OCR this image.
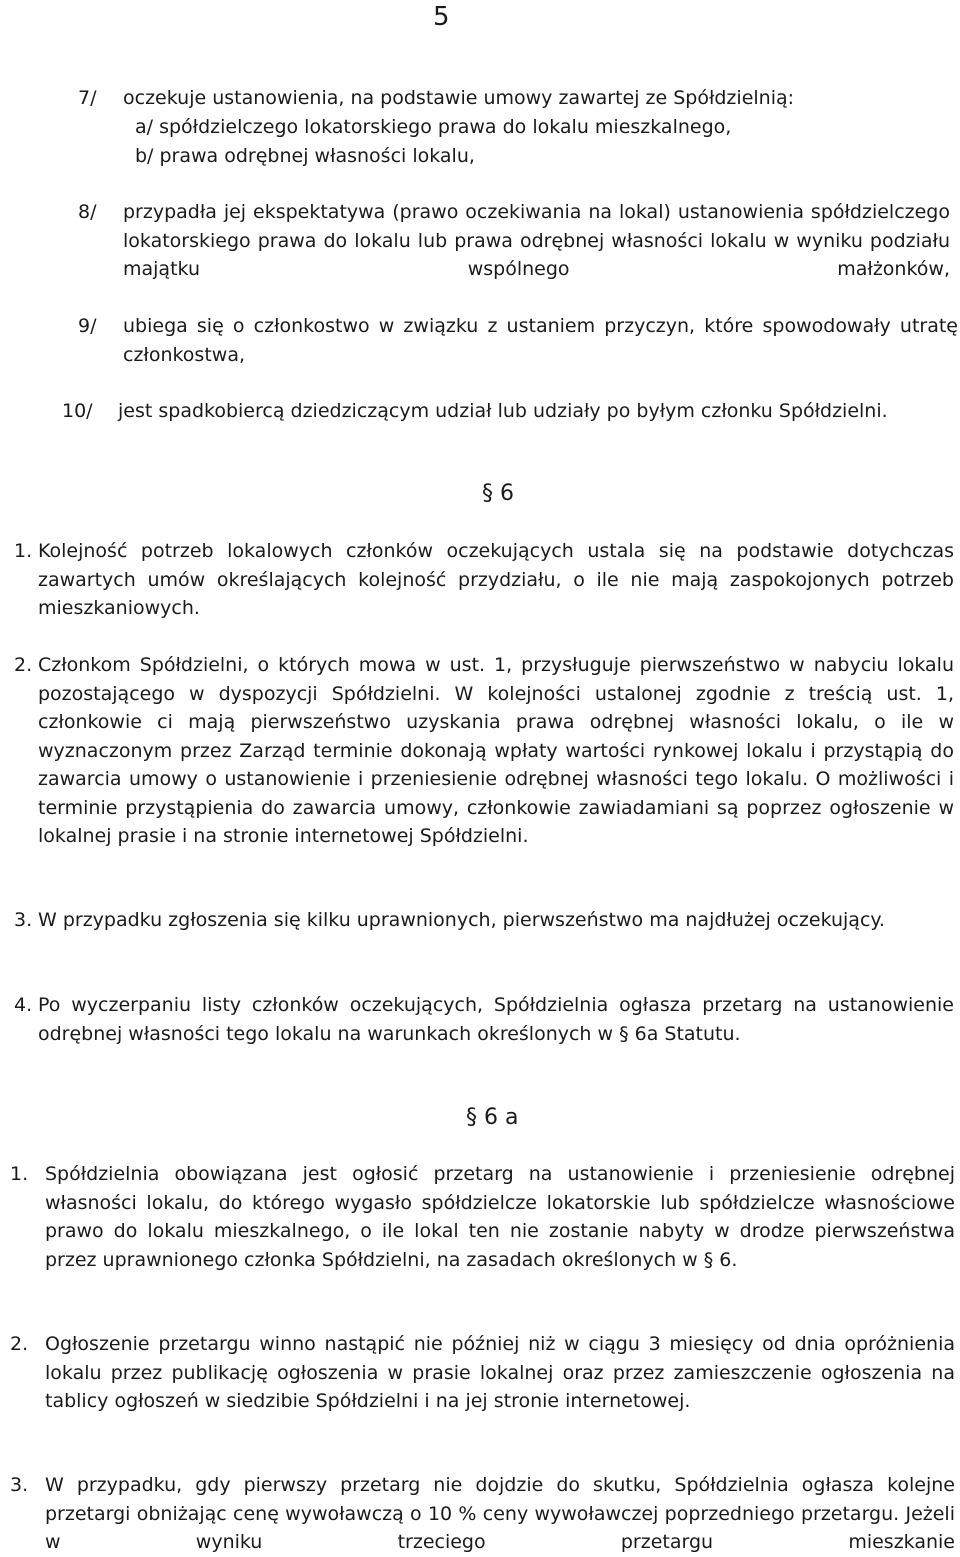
5
7/ oczekuje ustanowienia, na podstawie umowy zawartej ze Spółdzielnią:
a/ spółdzielczego lokatorskiego prawa do lokalu mieszkalnego,
b/ prawa odrębnej własności lokalu,
8/ przypadła jej ekspektatywa (prawo oczekiwania na lokal) ustanowienia spółdzielczego lokatorskiego prawa do lokalu lub prawa odrębnej własności lokalu w wyniku podziału majątku wspólnego małżonków,
9/ ubiega się o członkostwo w związku z ustaniem przyczyn, które spowodowały utratę członkostwa,
10/ jest spadkobiercą dziedziczącym udział lub udziały po byłym członku Spółdzielni.
§ 6
1. Kolejność potrzeb lokalowych członków oczekujących ustala się na podstawie dotychczas zawartych umów określających kolejność przydziału, o ile nie mają zaspokojonych potrzeb mieszkaniowych.
2. Członkom Spółdzielni, o których mowa w ust. 1, przysługuje pierwszeństwo w nabyciu lokalu pozostającego w dyspozycji Spółdzielni. W kolejności ustalonej zgodnie z treścią ust. 1, członkowie ci mają pierwszeństwo uzyskania prawa odrębnej własności lokalu, o ile w wyznaczonym przez Zarząd terminie dokonają wpłaty wartości rynkowej lokalu i przystąpią do zawarcia umowy o ustanowienie i przeniesienie odrębnej własności tego lokalu. O możliwości i terminie przystąpienia do zawarcia umowy, członkowie zawiadamiani są poprzez ogłoszenie w lokalnej prasie i na stronie internetowej Spółdzielni.
3. W przypadku zgłoszenia się kilku uprawnionych, pierwszeństwo ma najdłużej oczekujący.
4. Po wyczerpaniu listy członków oczekujących, Spółdzielnia ogłasza przetarg na ustanowienie odrębnej własności tego lokalu na warunkach określonych w § 6a Statutu.
§ 6 a
1. Spółdzielnia obowiązana jest ogłosić przetarg na ustanowienie i przeniesienie odrębnej własności lokalu, do którego wygasło spółdzielcze lokatorskie lub spółdzielcze własnościowe prawo do lokalu mieszkalnego, o ile lokal ten nie zostanie nabyty w drodze pierwszeństwa przez uprawnionego członka Spółdzielni, na zasadach określonych w § 6.
2. Ogłoszenie przetargu winno nastąpić nie później niż w ciągu 3 miesięcy od dnia opróżnienia lokalu przez publikację ogłoszenia w prasie lokalnej oraz przez zamieszczenie ogłoszenia na tablicy ogłoszeń w siedzibie Spółdzielni i na jej stronie internetowej.
3. W przypadku, gdy pierwszy przetarg nie dojdzie do skutku, Spółdzielnia ogłasza kolejne przetargi obniżając cenę wywoławczą o 10 % ceny wywoławczej poprzedniego przetargu. Jeżeli w wyniku trzeciego przetargu mieszkanie
